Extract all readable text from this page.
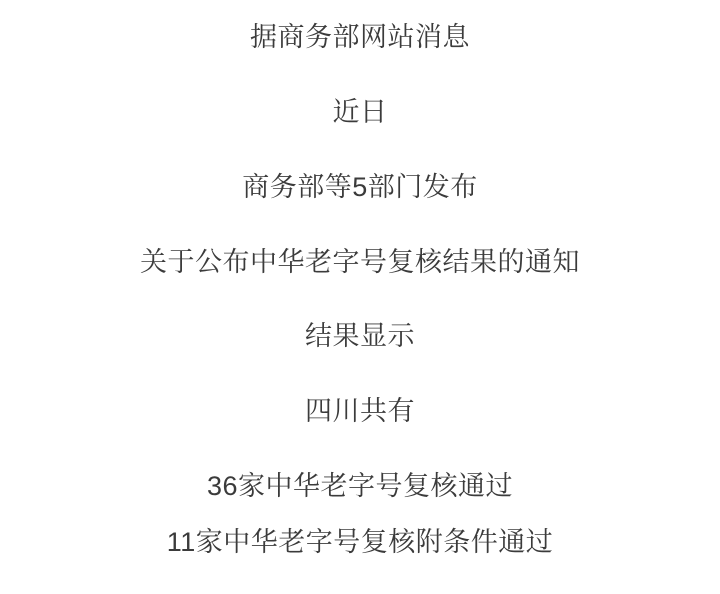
据商务部网站消息
近日
商务部等5部门发布
关于公布中华老字号复核结果的通知
结果显示
四川共有
36家中华老字号复核通过
11家中华老字号复核附条件通过
